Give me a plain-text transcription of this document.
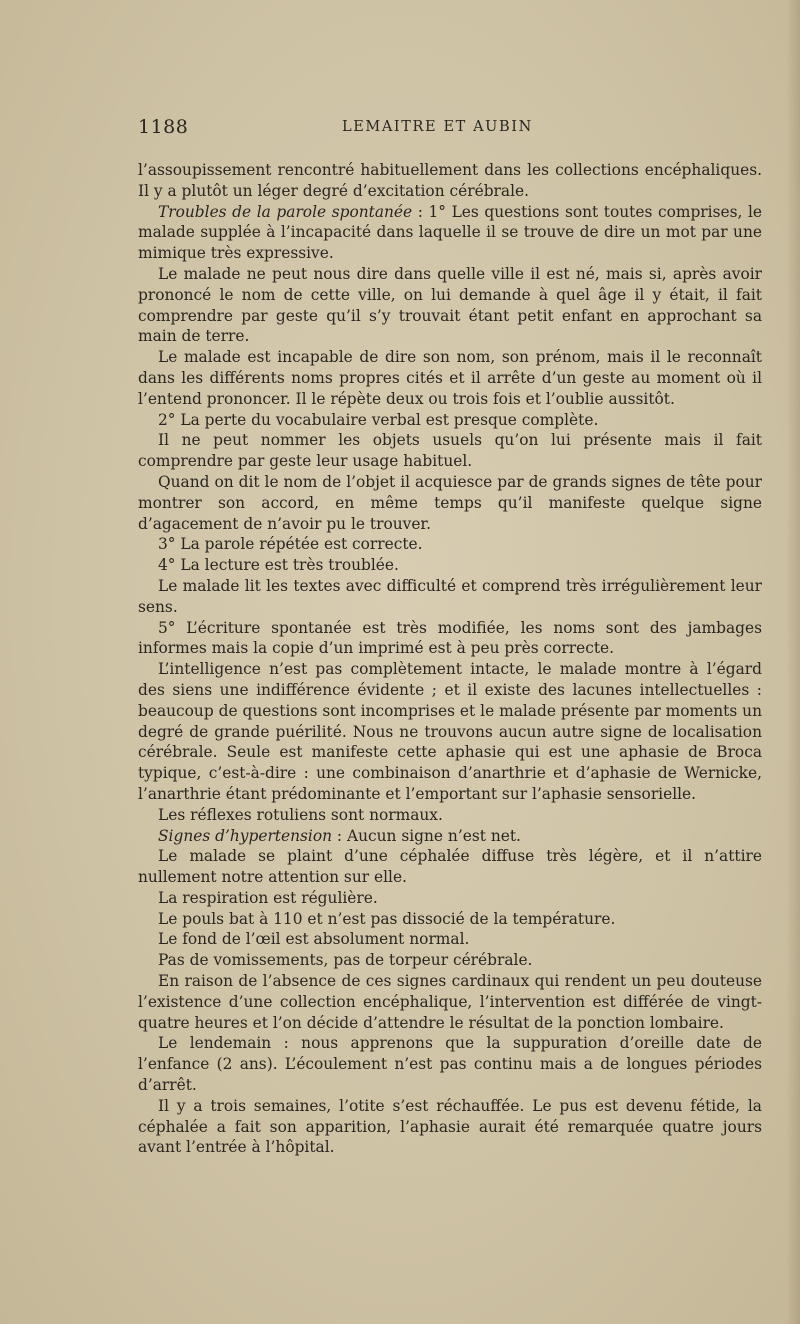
1188	LEMAITRE ET AUBIN

l’assoupissement rencontré habituellement dans les collections encéphaliques. Il y a plutôt un léger degré d’excitation cérébrale.

Troubles de la parole spontanée : 1° Les questions sont toutes comprises, le malade supplée à l’incapacité dans laquelle il se trouve de dire un mot par une mimique très expressive.

Le malade ne peut nous dire dans quelle ville il est né, mais si, après avoir prononcé le nom de cette ville, on lui demande à quel âge il y était, il fait comprendre par geste qu’il s’y trouvait étant petit enfant en approchant sa main de terre.

Le malade est incapable de dire son nom, son prénom, mais il le reconnaît dans les différents noms propres cités et il arrête d’un geste au moment où il l’entend prononcer. Il le répète deux ou trois fois et l’oublie aussitôt.

2° La perte du vocabulaire verbal est presque complète.

Il ne peut nommer les objets usuels qu’on lui présente mais il fait comprendre par geste leur usage habituel.

Quand on dit le nom de l’objet il acquiesce par de grands signes de tête pour montrer son accord, en même temps qu’il manifeste quelque signe d’agacement de n’avoir pu le trouver.

3° La parole répétée est correcte.

4° La lecture est très troublée.

Le malade lit les textes avec difficulté et comprend très irrégulièrement leur sens.

5° L’écriture spontanée est très modifiée, les noms sont des jambages informes mais la copie d’un imprimé est à peu près correcte.

L’intelligence n’est pas complètement intacte, le malade montre à l’égard des siens une indifférence évidente ; et il existe des lacunes intellectuelles : beaucoup de questions sont incomprises et le malade présente par moments un degré de grande puérilité. Nous ne trouvons aucun autre signe de localisation cérébrale. Seule est manifeste cette aphasie qui est une aphasie de Broca typique, c’est-à-dire : une combinaison d’anarthrie et d’aphasie de Wernicke, l’anarthrie étant prédominante et l’emportant sur l’aphasie sensorielle.

Les réflexes rotuliens sont normaux.

Signes d’hypertension : Aucun signe n’est net.

Le malade se plaint d’une céphalée diffuse très légère, et il n’attire nullement notre attention sur elle.

La respiration est régulière.

Le pouls bat à 110 et n’est pas dissocié de la température.

Le fond de l’œil est absolument normal.

Pas de vomissements, pas de torpeur cérébrale.

En raison de l’absence de ces signes cardinaux qui rendent un peu douteuse l’existence d’une collection encéphalique, l’intervention est différée de vingt-quatre heures et l’on décide d’attendre le résultat de la ponction lombaire.

Le lendemain : nous apprenons que la suppuration d’oreille date de l’enfance (2 ans). L’écoulement n’est pas continu mais a de longues périodes d’arrêt.

Il y a trois semaines, l’otite s’est réchauffée. Le pus est devenu fétide, la céphalée a fait son apparition, l’aphasie aurait été remarquée quatre jours avant l’entrée à l’hôpital.
